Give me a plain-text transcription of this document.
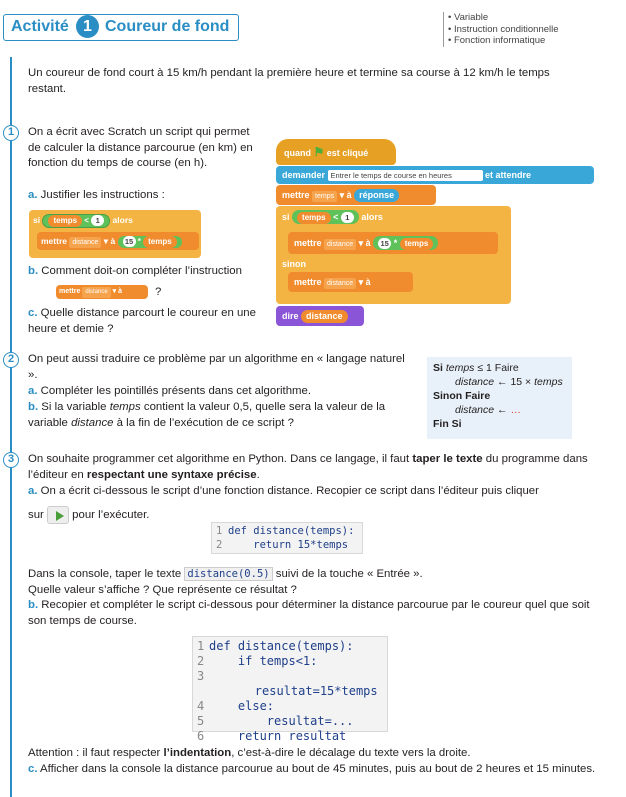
Activité 1 Coureur de fond
• Variable
• Instruction conditionnelle
• Fonction informatique
Un coureur de fond court à 15 km/h pendant la première heure et termine sa course à 12 km/h le temps restant.
1	On a écrit avec Scratch un script qui permet de calculer la distance parcourue (en km) en fonction du temps de course (en h).
a. Justifier les instructions :
si temps < 1 alors
mettre distance ▾ à 15 * temps
b. Comment doit-on compléter l’instruction
mettre distance ▾ à	?
c. Quelle distance parcourt le coureur en une heure et demie ?
quand ⚑ est cliqué
demander Entrer le temps de course en heures	et attendre
mettre temps ▾ à réponse
si temps < 1 alors
mettre distance ▾ à 15 * temps
sinon
mettre distance ▾ à
dire distance
2	On peut aussi traduire ce problème par un algorithme en « langage naturel ».
a. Compléter les pointillés présents dans cet algorithme.
b. Si la variable temps contient la valeur 0,5, quelle sera la valeur de la variable distance à la fin de l’exécution de ce script ?
Si temps ≤ 1 Faire
distance ← 15 × temps
Sinon Faire
distance ← …
Fin Si
3	On souhaite programmer cet algorithme en Python. Dans ce langage, il faut taper le texte du programme dans l’éditeur en respectant une syntaxe précise.
a. On a écrit ci-dessous le script d’une fonction distance. Recopier ce script dans l’éditeur puis cliquer
sur pour l’exécuter.
1 def distance(temps):
2    return 15*temps
Dans la console, taper le texte distance(0.5) suivi de la touche « Entrée ».
Quelle valeur s’affiche ? Que représente ce résultat ?
b. Recopier et compléter le script ci-dessous pour déterminer la distance parcourue par le coureur quel que soit son temps de course.
1 def distance(temps):
2    if temps<1:
3        resultat=15*temps
4    else:
5        resultat=...
6    return resultat
Attention : il faut respecter l’indentation, c’est-à-dire le décalage du texte vers la droite.
c. Afficher dans la console la distance parcourue au bout de 45 minutes, puis au bout de 2 heures et 15 minutes.
